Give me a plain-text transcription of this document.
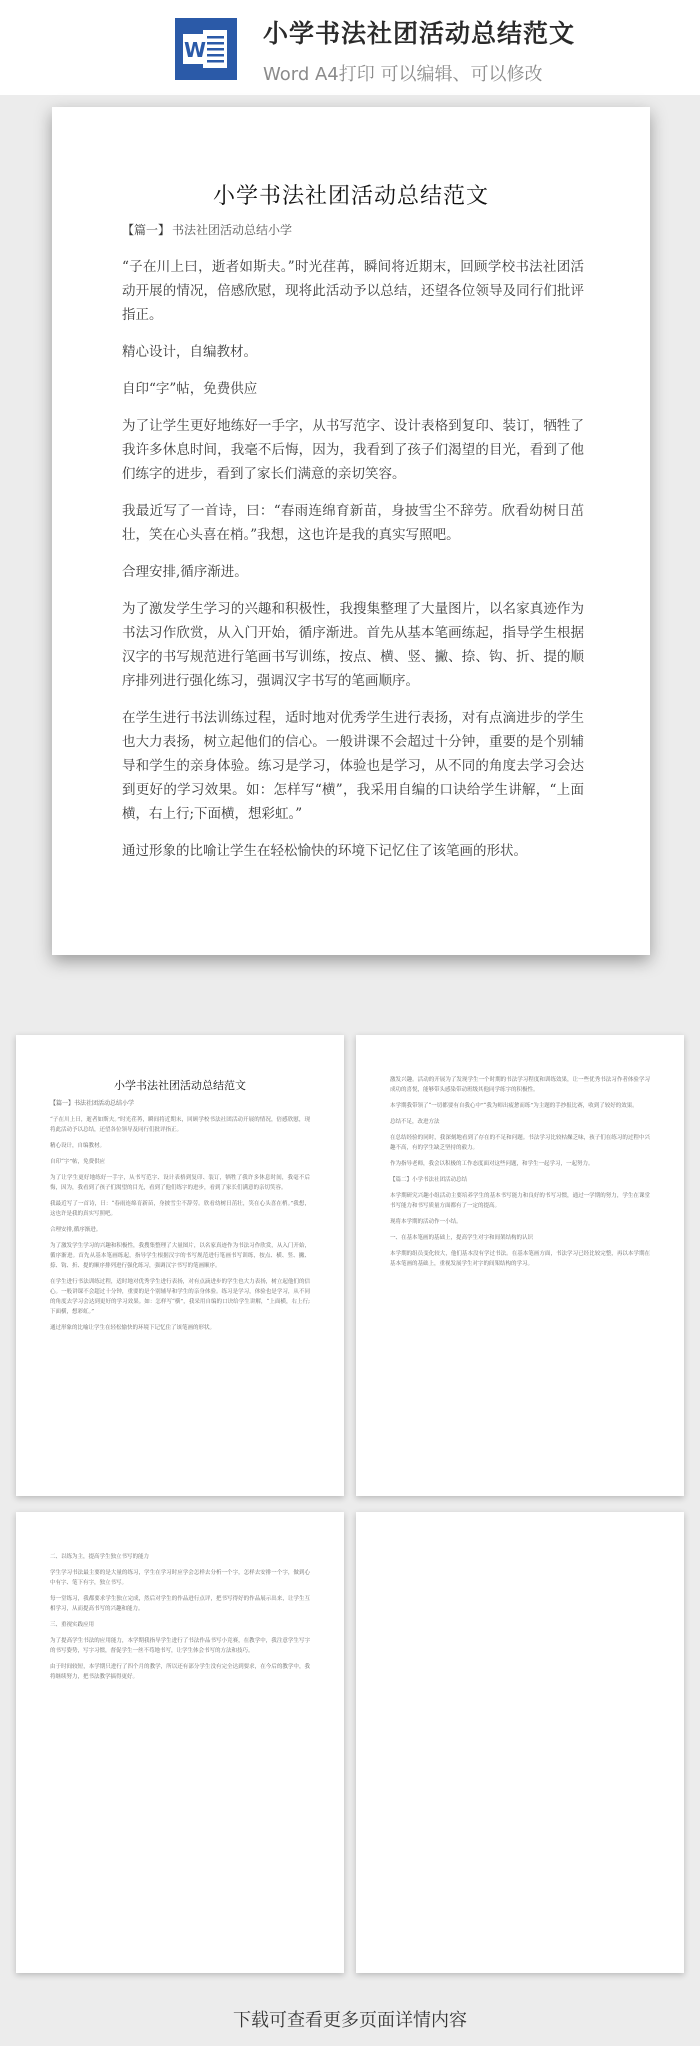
W
小学书法社团活动总结范文
Word A4打印 可以编辑、可以修改
小学书法社团活动总结范文
【篇一】 书法社团活动总结小学

“子在川上曰，逝者如斯夫。”时光荏苒，瞬间将近期末，回顾学校书法社团活动开展的情况，倍感欣慰，现将此活动予以总结，还望各位领导及同行们批评指正。

精心设计，自编教材。

自印“字”帖，免费供应

为了让学生更好地练好一手字，从书写范字、设计表格到复印、装订，牺牲了我许多休息时间，我毫不后悔，因为，我看到了孩子们渴望的目光，看到了他们练字的进步，看到了家长们满意的亲切笑容。

我最近写了一首诗，曰：“春雨连绵育新苗，身披雪尘不辞劳。欣看幼树日茁壮，笑在心头喜在梢。”我想，这也许是我的真实写照吧。

合理安排,循序渐进。

为了激发学生学习的兴趣和积极性，我搜集整理了大量图片，以名家真迹作为书法习作欣赏，从入门开始，循序渐进。首先从基本笔画练起，指导学生根据汉字的书写规范进行笔画书写训练，按点、横、竖、撇、捺、钩、折、提的顺序排列进行强化练习，强调汉字书写的笔画顺序。

在学生进行书法训练过程，适时地对优秀学生进行表扬，对有点滴进步的学生也大力表扬，树立起他们的信心。一般讲课不会超过十分钟，重要的是个别辅导和学生的亲身体验。练习是学习，体验也是学习，从不同的角度去学习会达到更好的学习效果。如：怎样写“横”，我采用自编的口诀给学生讲解，“上面横，右上行;下面横，想彩虹。”

通过形象的比喻让学生在轻松愉快的环境下记忆住了该笔画的形状。

小学书法社团活动总结范文

【篇一】书法社团活动总结小学

“子在川上曰，逝者如斯夫。”时光荏苒，瞬间将近期末，回顾学校书法社团活动开展的情况，倍感欣慰，现将此活动予以总结，还望各位领导及同行们批评指正。

精心设计，自编教材。

自印“字”帖，免费供应

为了让学生更好地练好一手字，从书写范字、设计表格到复印、装订，牺牲了我许多休息时间，我毫不后悔，因为，我看到了孩子们渴望的目光，看到了他们练字的进步，看到了家长们满意的亲切笑容。

我最近写了一首诗，曰：“春雨连绵育新苗，身披雪尘不辞劳。欣看幼树日茁壮，笑在心头喜在梢。”我想，这也许是我的真实写照吧。

合理安排,循序渐进。

为了激发学生学习的兴趣和积极性，我搜集整理了大量图片，以名家真迹作为书法习作欣赏，从入门开始，循序渐进。首先从基本笔画练起，指导学生根据汉字的书写规范进行笔画书写训练，按点、横、竖、撇、捺、钩、折、提的顺序排列进行强化练习，强调汉字书写的笔画顺序。

在学生进行书法训练过程，适时地对优秀学生进行表扬，对有点滴进步的学生也大力表扬，树立起他们的信心。一般讲课不会超过十分钟，重要的是个别辅导和学生的亲身体验。练习是学习，体验也是学习，从不同的角度去学习会达到更好的学习效果。如：怎样写“横”，我采用自编的口诀给学生讲解，“上面横，右上行;下面横，想彩虹。”

通过形象的比喻让学生在轻松愉快的环境下记忆住了该笔画的形状。

激发兴趣。活动的开展为了发现学生一个时期的书法学习程度和训练效果，让一些优秀书法习作者体验学习成功的喜悦，能够带头感染带动班级其他同学练字的积极性。

本学期我带领了“一切都要有自我心中”“我为师出疲惫而练”为主题的手抄报比赛，收到了较好的效果。

总结不足，改进方法

在总结经验的同时，我深刻地看到了存在的不足和问题。书法学习比较枯燥乏味，孩子们在练习的过程中兴趣不高，有的学生缺乏坚持的毅力。

作为指导老师，我会以积极的工作态度面对这些问题，和学生一起学习，一起努力。

【篇二】小学书法社团活动总结

本学期研究兴趣小组活动主要培养学生的基本书写能力和良好的书写习惯，通过一学期的努力，学生在课堂书写能力和书写质量方面都有了一定的提高。

现将本学期的活动作一小结。

一、在基本笔画的基础上，提高学生对字和间架结构的认识

本学期的组员变化较大，他们基本没有学过书法。在基本笔画方面，书法学习已经比较完整，再以本学期在基本笔画的基础上，重视发展学生对字的间架结构的学习。

二、以练为主，提高学生独立书写的能力

学生学习书法最主要的是大量的练习，学生在学习时应学会怎样去分析一个字，怎样去安排一个字，做到心中有字、笔下有字，独立书写。

每一堂练习，我都要求学生独立完成，然后对学生的作品进行点评，把书写得好的作品展示出来，让学生互相学习，从而提高书写的兴趣和能力。

三、重视实践应用

为了提高学生书法的应用能力，本学期我指导学生进行了书法作品书写小竞赛，在教学中，我注意学生写字的书写姿势，写字习惯，督促学生一丝不苟地书写，让学生体会书写的方法和技巧。

由于时间较短，本学期只进行了四个月的教学，所以还有部分学生没有完全达到要求，在今后的教学中，我将继续努力，把书法教学搞得更好。

下载可查看更多页面详情内容
